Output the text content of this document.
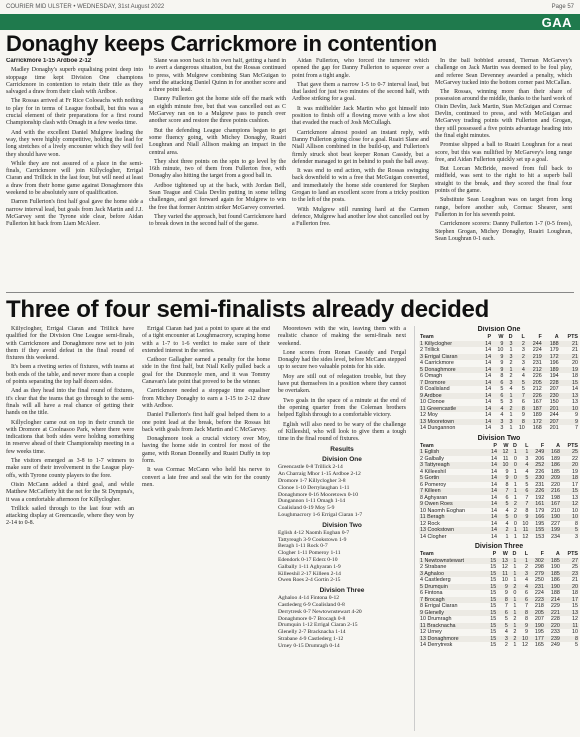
COURIER MID ULSTER • WEDNESDAY, 31st August 2022	Page 57
GAA
Donaghy keeps Carrickmore in contention

Carrickmore 1-15 Ardboe 2-12

Madley Donaghy's superb equalising point deep into stoppage time kept Division One champions Carrickmore in contention to retain their title as they salvaged a draw from their clash with Ardboe.

The Rossas arrived at Fr Rice Coloeachs with nothing to play for in terms of League football, but this was a crucial element of their preparations for a first round Championship clash with Omagh in a few weeks time.

And with the excellent Daniel Mulgrew leading the way, they were highly competitive, holding the lead for long stretches of a lively encounter which they will feel they should have won.

While they are not assured of a place in the semi-finals, Carrickmore will join Killyclogher, Errigal Ciaran and Trillick in the last four, but will need at least a draw from their home game against Donaghmore this weekend to be absolutely sure of qualification.

Darren Fullerton's first half goal gave the home side a narrow interval lead, but goals from Jack Martin and J.J. McGarvey sent the Tyrone side clear, before Aidan Fullerton hit back from Liam McAleer.

Slane was soon back in his own half, getting a hand in to avert a dangerous situation, but the Rossas continued to press, with Mulgrew combining Stan McGuigan to send the attacking Daniel Quinn in for another score and a three point lead.

Danny Fullerton got the home side off the mark with an eighth minute free, but that was cancelled out as C McGarvey ran on to a Mulgrew pass to punch over another score and restore the three points cushion.

But the defending League champions began to get some fluency going, with Michey Donaghy, Ruairi Loughran and Niall Allison making an impact in the central area.

They shot three points on the spin to go level by the 16th minute, two of them from Fullerton free, with Donaghy also hitting the target from a good ball in.

Ardboe tightened up at the back, with Jordan Bell, Sean Teague and Ciala Devlin putting in some telling challenges, and got forward again for Mulgrew to win the free that former Antrim striker McGarvey converted.

They varied the approach, but found Carrickmore hard to break down in the second half of the game.

Aidan Fullerton, who forced the turnover which opened the gap for Danny Fullerton to squeeze over a point from a tight angle.

That gave them a narrow 1-5 to 0-7 interval lead, but that lasted for just two minutes of the second half, with Ardboe striking for a goal.

It was midfielder Jack Martin who got himself into position to finish off a flowing move with a low shot that evaded the reach of Josh McCullagh.

Carrickmore almost posted an instant reply, with Danny Fullerton going close for a goal. Ruairi Slane and Niall Allison combined in the build-up, and Fullerton's firmly struck shot beat keeper Ronan Cassidy, but a defender managed to get in behind to push the ball away.

It was end to end action, with the Rossas swinging back downfield to win a free that McGuigan converted, and immediately the home side countered for Stephen Grogan to land an excellent score from a tricky position to the left of the posts.

With Mulgrew still running hard at the Carmen defence, Mulgrew had another low shot cancelled out by a Fullerton free.

In the ball bobbled around, Tiernan McGarvey's challenge on Jack Martin was deemed to be foul play, and referee Sean Devenney awarded a penalty, which McGarvey tucked into the bottom corner past McCallan.

The Rossas, winning more than their share of possession around the middle, thanks to the hard work of Oisin Devlin, Jack Martin, Stan McGuigan and Cormac Devlin, continued to press, and with McGuigan and McGarvey trading points with Fullerton and Grogan, they still possessed a five points advantage heading into the final eight minutes.

Promise slipped a ball to Ruairi Loughran for a neat score, but this was nullified by McGarvey's long range free, and Aidan Fullerton quickly set up a goal.

But Lorcan McBride, moved from full back to midfield, was sent to the right to hit a superb ball straight to the break, and they scored the final four points of the game.

Substitute Sean Loughran was on target from long range, before another sub, Cormac Shearer, sent Fullerton in for his seventh point.

Carrickmore scorers: Danny Fullerton 1-7 (0-5 frees), Stephen Grogan, Michey Donaghy, Ruairi Loughran, Sean Loughran 0-1 each.

Three of four semi-finalists already decided

Killyclogher, Errigal Ciaran and Trillick have qualified for the Division One League semi-finals, with Carrickmore and Donaghmore now set to join them if they avoid defeat in the final round of fixtures this weekend.

It's been a riveting series of fixtures, with teams at both ends of the table, and never more than a couple of points separating the top half dozen sides.

And as they head into the final round of fixtures, it's clear that the teams that go through to the semi-finals will all have a real chance of getting their hands on the title.

Killyclogher came out on top in their crunch tie with Dromore at Coolnasoo Park, where there were indications that both sides were holding something in reserve ahead of their Championship meeting in a few weeks time.

The visitors emerged as 3-8 to 1-7 winners to make sure of their involvement in the League play-offs, with Tyrone county players to the fore.

Oisin McCann added a third goal, and while Matthew McCafferty hit the net for the St Dympna's, it was a comfortable afternoon for Killyclogher.

Trillick sailed through to the last four with an attacking display at Greencastle, where they won by 2-14 to 0-8.

Errigal Ciaran had just a point to spare at the end of a tight encounter at Loughmacrory, scraping home with a 1-7 to 1-6 verdict to make sure of their extended interest in the series.

Cathoor Gallagher earned a penalty for the home side in the first half, but Niall Kelly pulled back a goal for the Dunmoyle men, and it was Tommy Canavan's late point that proved to be the winner.

Carrickmore needed a stoppage time equaliser from Michey Donaghy to earn a 1-15 to 2-12 draw with Ardboe.

Daniel Fullerton's first half goal helped them to a one point lead at the break, before the Rossas hit back with goals from Jack Martin and C McGarvey.

Donaghmore took a crucial victory over Moy, having the home side in control for most of the game, with Ronan Donnelly and Ruairi Duffy in top form.

It was Cormac McCann who held his nerve to convert a late free and seal the win for the county men.

Mooretown with the win, leaving them with a realistic chance of making the semi-finals next weekend.

Lone scores from Ronan Cassidy and Fergal Donaghy had the sides level, before McCann stepped up to secure two valuable points for his side.

Moy are still out of relegation trouble, but they have put themselves in a position where they cannot be overtaken.

Two goals in the space of a minute at the end of the opening quarter from the Coleman brothers helped Eglish through to a comfortable victory.

Eglish will also need to be wary of the challenge of Killeeshil, who will look to give them a tough time in the final round of fixtures.

Results
Division One

Greencastle 0-8 Trillick 2-14

An Charraig Mhor 1-15 Ardboe 2-12

Dromore 1-7 Killyclogher 3-8

Clonoe 1-10 Derrylaughan 1-11

Donaghmore 0-16 Mooretown 0-10

Dungannon 1-11 Omagh 1-14

Coalisland 0-19 Moy 5-9

Loughmacrory 1-6 Errigal Ciaran 1-7

Division Two

Eglish 4-12 Naomh Eoghan 0-7

Tattyreagh 3-9 Cookstown 1-9

Beragh 1-11 Rock 0-7

Clogher 1-11 Pomeroy 1-11

Edendork 0-17 Ederz 0-10

Galbally 1-11 Aghyaran 1-9

Killeeshil 2-17 Killeen 2-14

Owen Roes 2-4 Gortin 2-15

Division Three

Aghaloo 4-14 Fintona 0-12

Castlederg 6-9 Coalisland 0-8

Derrytresk 0-7 Newtownstewart 4-20

Donaghmore 0-7 Brocagh 0-8

Drumquin 1-12 Errigal Ciaran 2-15

Glenelly 2-7 Bracknacha 1-14

Strabane 4-9 Castlederg 1-12

Urney 0-15 Drumragh 0-14

Division One
Team	P	W	D	L	F	A	PTS
1 Killyclogher	14	9	3	2	244	188	21
2 Trillick	14	10	1	3	224	179	21
3 Errigal Ciaran	14	9	3	2	219	172	21
4 Carrickmore	14	9	2	3	231	196	20
5 Donaghmore	14	9	1	4	212	189	19
6 Omagh	14	8	2	4	226	194	18
7 Dromore	14	6	3	5	205	228	15
8 Coalisland	14	5	4	5	212	207	14
9 Ardboe	14	6	1	7	226	230	13
10 Clonoe	14	5	3	6	167	150	13
11 Greencastle	14	4	2	8	187	201	10
12 Moy	14	4	1	9	189	244	9
13 Mooretown	14	3	3	8	172	207	9
14 Dungannon	14	3	1	10	168	201	7
Division Two
Team	P	W	D	L	F	A	PTS
1 Eglish	14	12	1	1	249	168	25
2 Galbally	14	11	0	3	206	189	22
3 Tattyreagh	14	10	0	4	252	186	20
4 Killeeshil	14	9	1	4	226	185	19
5 Gortin	14	9	0	5	230	209	18
6 Pomeroy	14	8	1	5	231	220	17
7 Killeen	14	7	1	6	226	216	15
8 Aghyaran	14	6	1	7	192	198	13
9 Owen Roes	14	5	2	7	161	167	12
10 Naomh Eoghan	14	4	2	8	179	210	10
11 Beragh	14	5	0	9	166	190	10
12 Rock	14	4	0	10	195	227	8
13 Cookstown	14	2	1	11	155	199	5
14 Clogher	14	1	1	12	153	234	3
Division Three
Team	P	W	D	L	F	A	PTS
1 Newtownstewart	15	13	1	1	302	185	27
2 Strabane	15	12	1	2	298	190	25
3 Aghaloo	15	11	1	3	279	185	23
4 Castlederg	15	10	1	4	250	186	21
5 Drumquin	15	9	2	4	231	190	20
6 Fintona	15	9	0	6	224	188	18
7 Brocagh	15	8	1	6	223	214	17
8 Errigal Ciaran	15	7	1	7	218	229	15
9 Glenelly	15	6	1	8	205	221	13
10 Drumragh	15	5	2	8	207	228	12
11 Bracknacha	15	5	1	9	190	220	11
12 Urney	15	4	2	9	195	233	10
13 Donaghmore	15	3	2	10	177	239	8
14 Derrytresk	15	2	1	12	165	249	5
